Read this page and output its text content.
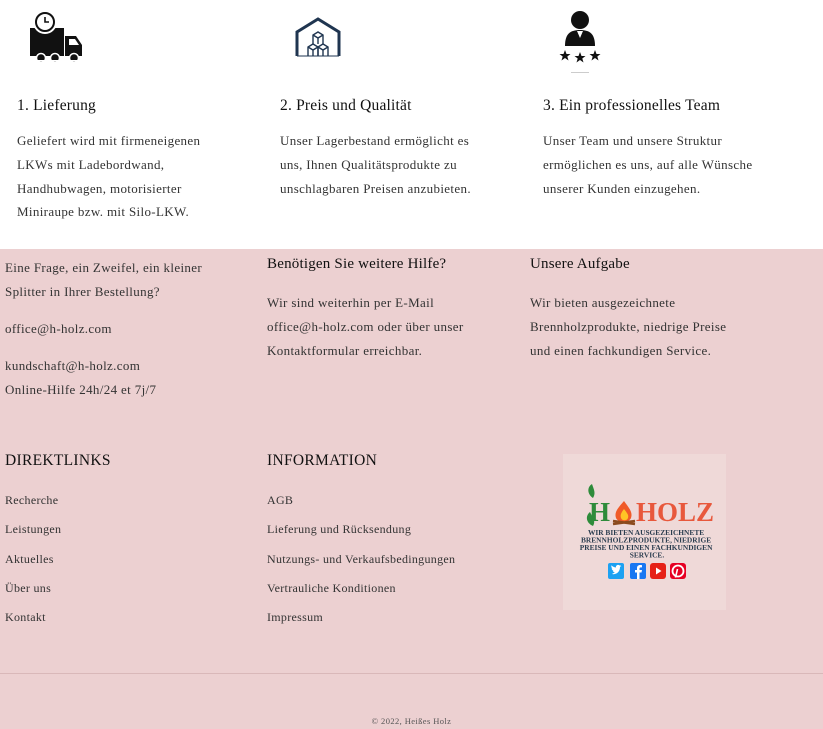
1. Lieferung

Geliefert wird mit firmeneigenen LKWs mit Ladebordwand, Handhubwagen, motorisierter Miniraupe bzw. mit Silo-LKW.

2. Preis und Qualität

Unser Lagerbestand ermöglicht es uns, Ihnen Qualitätsprodukte zu unschlagbaren Preisen anzubieten.

3. Ein professionelles Team

Unser Team und unsere Struktur ermöglichen es uns, auf alle Wünsche unserer Kunden einzugehen.

Eine Frage, ein Zweifel, ein kleiner Splitter in Ihrer Bestellung?

office@h-holz.com
kundschaft@h-holz.com

Online-Hilfe 24h/24 et 7j/7

Benötigen Sie weitere Hilfe?

Wir sind weiterhin per E-Mail office@h-holz.com oder über unser Kontaktformular erreichbar.

Unsere Aufgabe

Wir bieten ausgezeichnete Brennholzprodukte, niedrige Preise und einen fachkundigen Service.

DIREKTLINKS
Recherche
Leistungen
Aktuelles
Über uns
Kontakt
INFORMATION
AGB
Lieferung und Rücksendung
Nutzungs- und Verkaufsbedingungen
Vertrauliche Konditionen
Impressum
H HOLZ
WIR BIETEN AUSGEZEICHNETE BRENNHOLZPRODUKTE, NIEDRIGE PREISE UND EINEN FACHKUNDIGEN SERVICE.

© 2022, Heißes Holz
